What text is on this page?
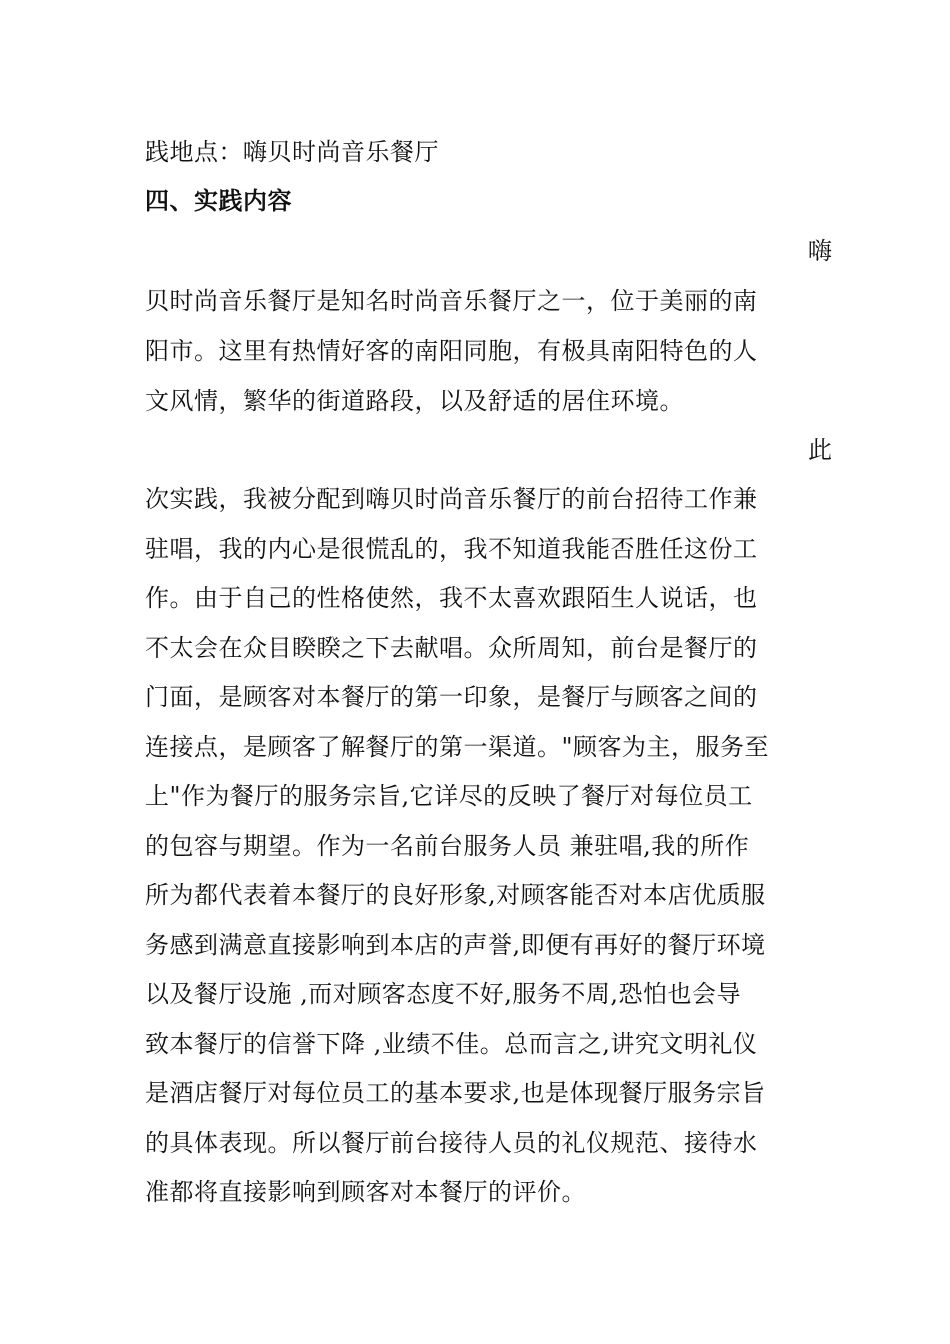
践地点：嗨贝时尚音乐餐厅
四、实践内容
嗨
贝时尚音乐餐厅是知名时尚音乐餐厅之一，位于美丽的南
阳市。这里有热情好客的南阳同胞，有极具南阳特色的人
文风情，繁华的街道路段，以及舒适的居住环境。
此
次实践，我被分配到嗨贝时尚音乐餐厅的前台招待工作兼
驻唱，我的内心是很慌乱的，我不知道我能否胜任这份工
作。由于自己的性格使然，我不太喜欢跟陌生人说话，也
不太会在众目睽睽之下去献唱。众所周知，前台是餐厅的
门面，是顾客对本餐厅的第一印象，是餐厅与顾客之间的
连接点，是顾客了解餐厅的第一渠道。"顾客为主，服务至
上"作为餐厅的服务宗旨,它详尽的反映了餐厅对每位员工
的包容与期望。作为一名前台服务人员 兼驻唱,我的所作
所为都代表着本餐厅的良好形象,对顾客能否对本店优质服
务感到满意直接影响到本店的声誉,即便有再好的餐厅环境
以及餐厅设施 ,而对顾客态度不好,服务不周,恐怕也会导
致本餐厅的信誉下降 ,业绩不佳。总而言之,讲究文明礼仪
是酒店餐厅对每位员工的基本要求,也是体现餐厅服务宗旨
的具体表现。所以餐厅前台接待人员的礼仪规范、接待水
准都将直接影响到顾客对本餐厅的评价。
